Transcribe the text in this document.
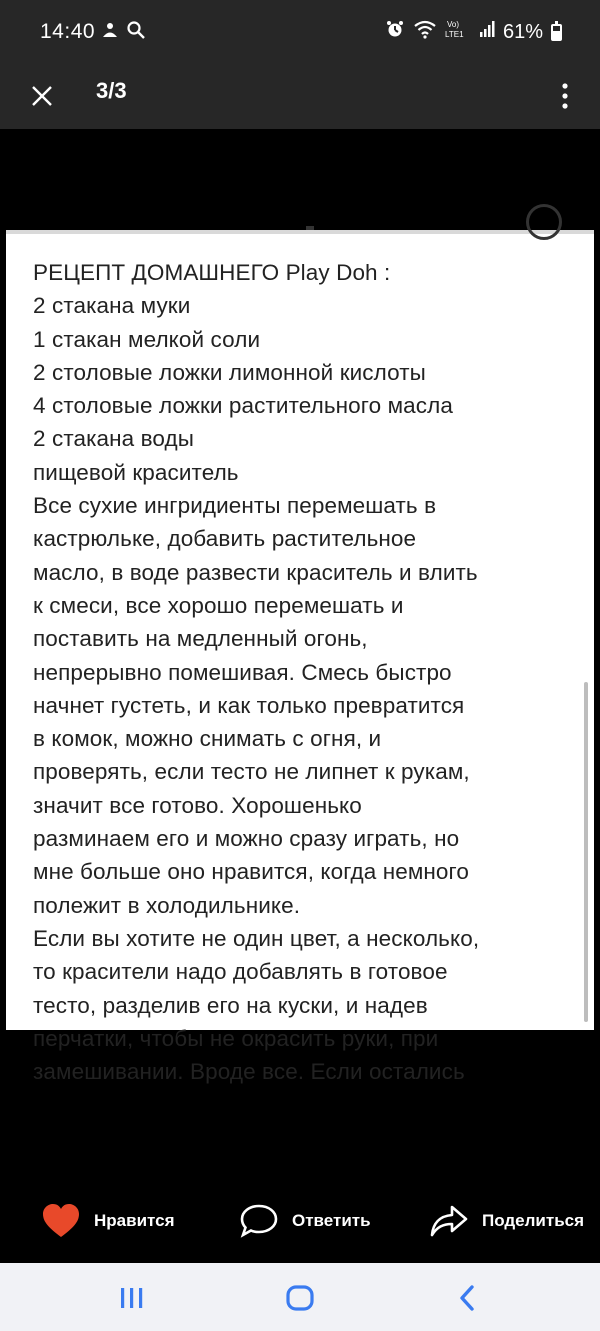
14:40	Vo)
LTE1 61%
3/3
РЕЦЕПТ ДОМАШНЕГО Play Doh :
2 стакана муки
1 стакан мелкой соли
2 столовые ложки лимонной кислоты
4 столовые ложки растительного масла
2 стакана воды
пищевой краситель
Все сухие ингридиенты перемешать в
кастрюльке, добавить растительное
масло, в воде развести краситель и влить
к смеси, все хорошо перемешать и
поставить на медленный огонь,
непрерывно помешивая. Смесь быстро
начнет густеть, и как только превратится
в комок, можно снимать с огня, и
проверять, если тесто не липнет к рукам,
значит все готово. Хорошенько
разминаем его и можно сразу играть, но
мне больше оно нравится, когда немного
полежит в холодильнике.
Если вы хотите не один цвет, а несколько,
то красители надо добавлять в готовое
тесто, разделив его на куски, и надев
перчатки, чтобы не окрасить руки, при
замешивании. Вроде все. Если остались
Нравится	Ответить	Поделиться
